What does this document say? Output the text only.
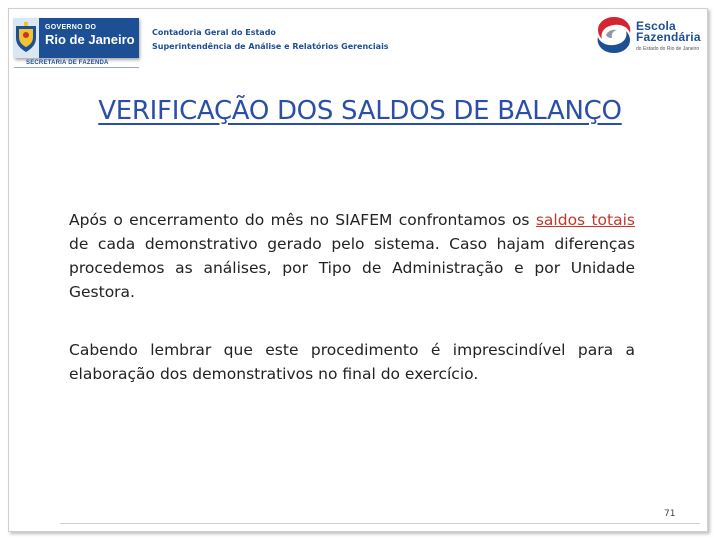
GOVERNO DO
Rio de Janeiro
SECRETARIA DE FAZENDA
Contadoria Geral do Estado
Superintendência de Análise e Relatórios Gerenciais
Escola
Fazendária
do Estado do Rio de Janeiro
VERIFICAÇÃO DOS SALDOS DE BALANÇO
Após o encerramento do mês no SIAFEM confrontamos os saldos totais de cada demonstrativo gerado pelo sistema. Caso hajam diferenças procedemos as análises, por Tipo de Administração e por Unidade Gestora.
Cabendo lembrar que este procedimento é imprescindível para a elaboração dos demonstrativos no final do exercício.
71
